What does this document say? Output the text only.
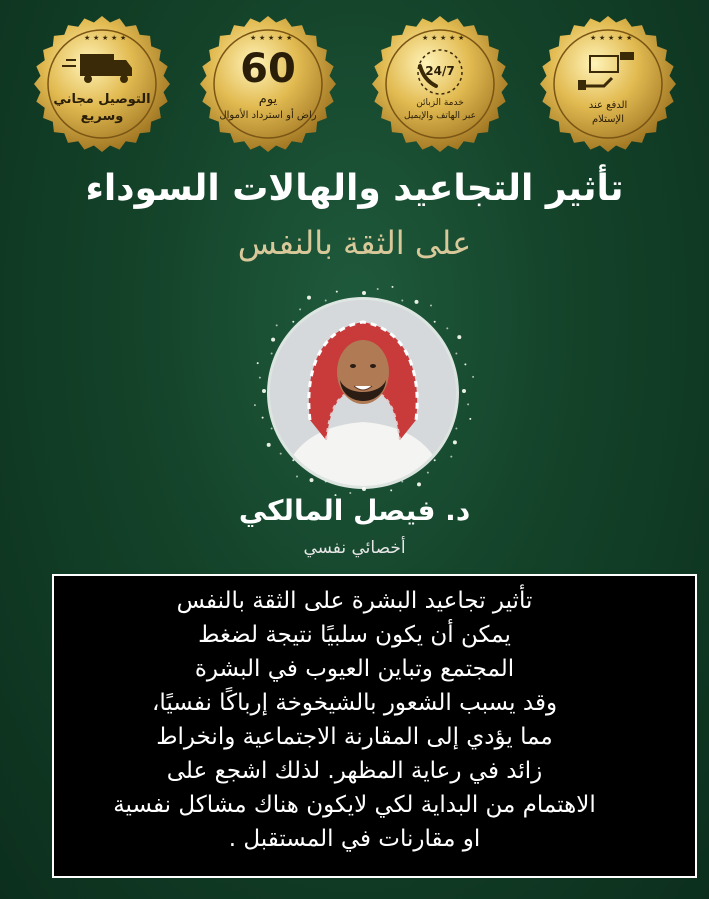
★ ★ ★ ★ ★
التوصيل مجاني
وسريع
★ ★ ★ ★ ★
60
يوم
راض أو استرداد الأموال
★ ★ ★ ★ ★
24/7
خدمة الزبائن
عبر الهاتف والإيميل
★ ★ ★ ★ ★
الدفع عند
الإستلام
تأثير التجاعيد والهالات السوداء
على الثقة بالنفس
د. فيصل المالكي
أخصائي نفسي
تأثير تجاعيد البشرة على الثقة بالنفس
يمكن أن يكون سلبيًا نتيجة لضغط
المجتمع وتباين العيوب في البشرة
وقد يسبب الشعور بالشيخوخة إرباكًا نفسيًا،
مما يؤدي إلى المقارنة الاجتماعية وانخراط
زائد في رعاية المظهر. لذلك اشجع على
الاهتمام من البداية لكي لايكون هناك مشاكل نفسية
او مقارنات في المستقبل .
